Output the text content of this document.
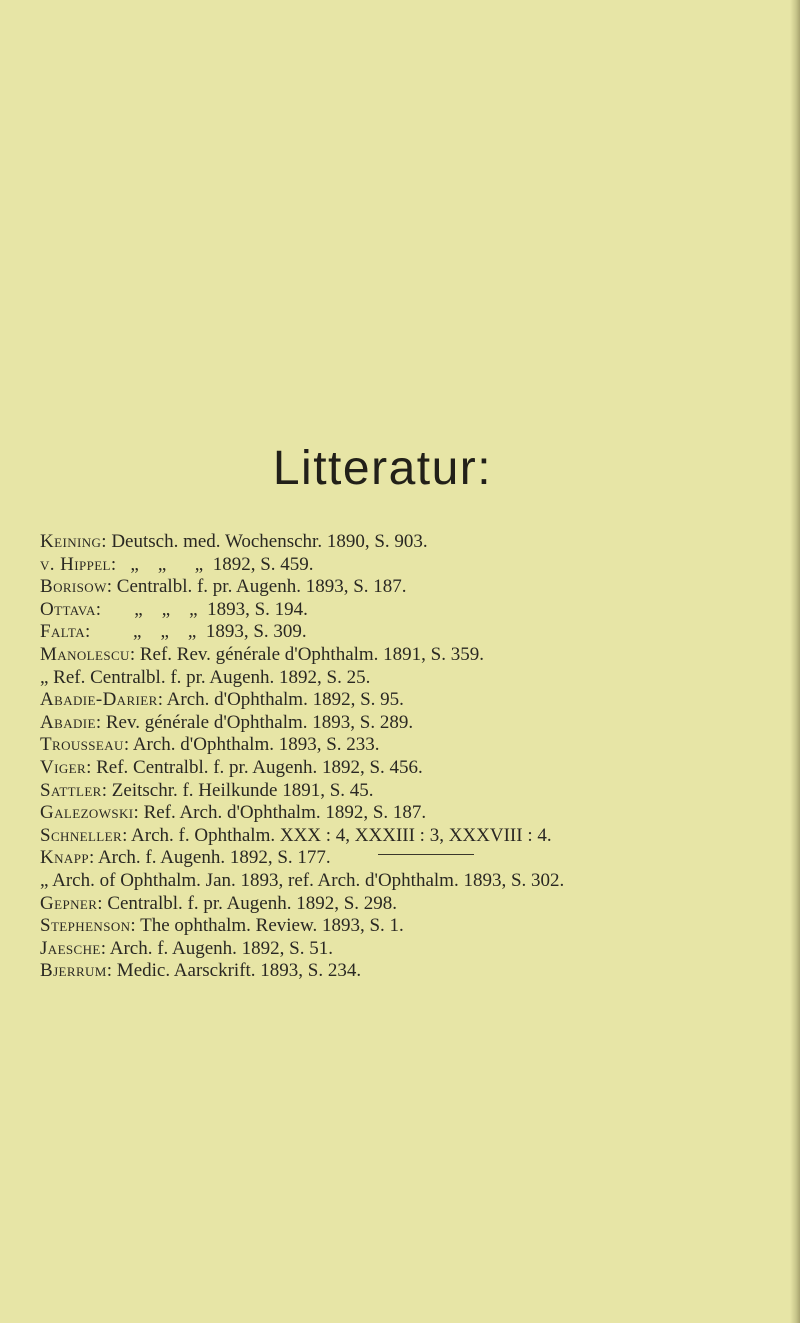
Litteratur:
Keining: Deutsch. med. Wochenschr. 1890, S. 903.
v. Hippel:   „    „      „  1892, S. 459.
Borisow: Centralbl. f. pr. Augenh. 1893, S. 187.
Ottava:       „    „    „  1893, S. 194.
Falta:         „    „    „  1893, S. 309.
Manolescu: Ref. Rev. générale d'Ophthalm. 1891, S. 359.
„ Ref. Centralbl. f. pr. Augenh. 1892, S. 25.
Abadie-Darier: Arch. d'Ophthalm. 1892, S. 95.
Abadie: Rev. générale d'Ophthalm. 1893, S. 289.
Trousseau: Arch. d'Ophthalm. 1893, S. 233.
Viger: Ref. Centralbl. f. pr. Augenh. 1892, S. 456.
Sattler: Zeitschr. f. Heilkunde 1891, S. 45.
Galezowski: Ref. Arch. d'Ophthalm. 1892, S. 187.
Schneller: Arch. f. Ophthalm. XXX : 4, XXXIII : 3, XXXVIII : 4.
Knapp: Arch. f. Augenh. 1892, S. 177.
„ Arch. of Ophthalm. Jan. 1893, ref. Arch. d'Ophthalm. 1893, S. 302.
Gepner: Centralbl. f. pr. Augenh. 1892, S. 298.
Stephenson: The ophthalm. Review. 1893, S. 1.
Jaesche: Arch. f. Augenh. 1892, S. 51.
Bjerrum: Medic. Aarsckrift. 1893, S. 234.
